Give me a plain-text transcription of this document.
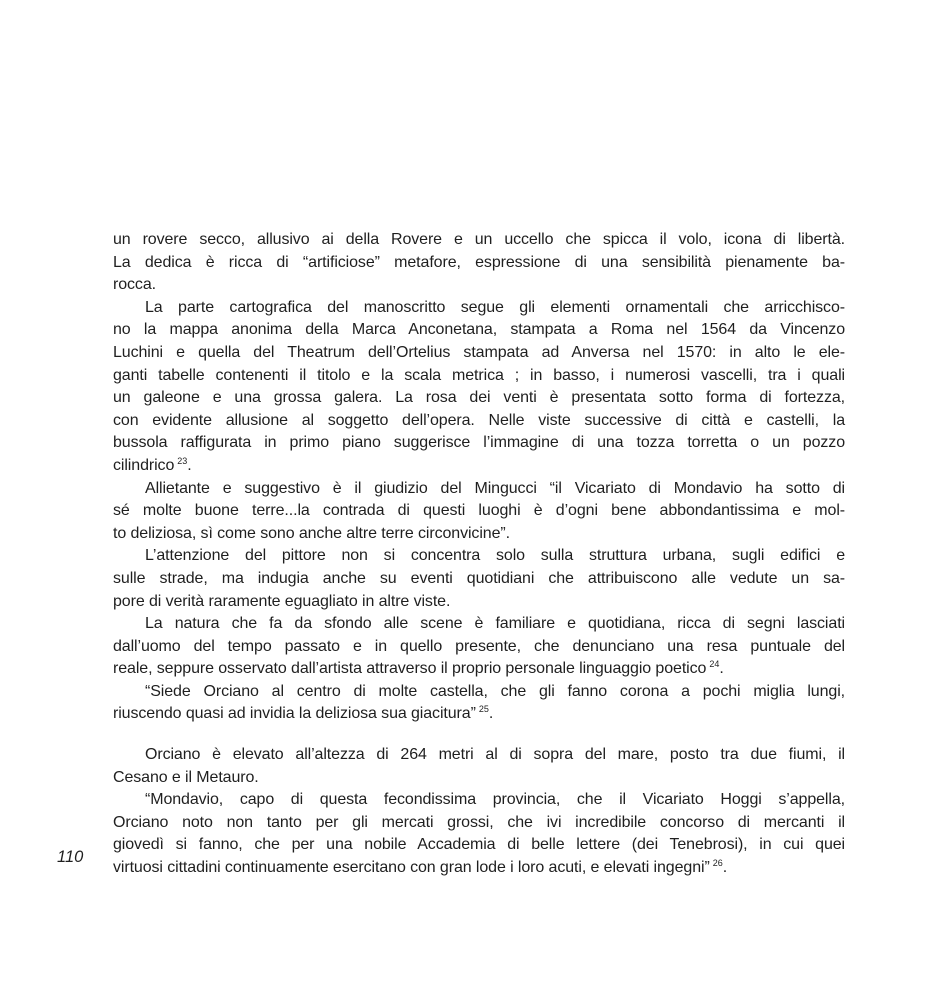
110
un rovere secco, allusivo ai della Rovere e un uccello che spicca il volo, icona di libertà.
La dedica è ricca di “artificiose” metafore, espressione di una sensibilità pienamente ba-
rocca.
La parte cartografica del manoscritto segue gli elementi ornamentali che arricchisco-
no la mappa anonima della Marca Anconetana, stampata a Roma nel 1564 da Vincenzo
Luchini e quella del Theatrum dell’Ortelius stampata ad Anversa nel 1570: in alto le ele-
ganti tabelle contenenti il titolo e la scala metrica ; in basso, i numerosi vascelli, tra i quali
un galeone e una grossa galera. La rosa dei venti è presentata sotto forma di fortezza,
con evidente allusione al soggetto dell’opera. Nelle viste successive di città e castelli, la
bussola raffigurata in primo piano suggerisce l’immagine di una tozza torretta o un pozzo
cilindrico $^{23}$.
Allietante e suggestivo è il giudizio del Mingucci “il Vicariato di Mondavio ha sotto di
sé molte buone terre...la contrada di questi luoghi è d’ogni bene abbondantissima e mol-
to deliziosa, sì come sono anche altre terre circonvicine”.
L’attenzione del pittore non si concentra solo sulla struttura urbana, sugli edifici e
sulle strade, ma indugia anche su eventi quotidiani che attribuiscono alle vedute un sa-
pore di verità raramente eguagliato in altre viste.
La natura che fa da sfondo alle scene è familiare e quotidiana, ricca di segni lasciati
dall’uomo del tempo passato e in quello presente, che denunciano una resa puntuale del
reale, seppure osservato dall’artista attraverso il proprio personale linguaggio poetico $^{24}$.
“Siede Orciano al centro di molte castella, che gli fanno corona a pochi miglia lungi,
riuscendo quasi ad invidia la deliziosa sua giacitura” $^{25}$.
Orciano è elevato all’altezza di 264 metri al di sopra del mare, posto tra due fiumi, il
Cesano e il Metauro.
“Mondavio, capo di questa fecondissima provincia, che il Vicariato Hoggi s’appella,
Orciano noto non tanto per gli mercati grossi, che ivi incredibile concorso di mercanti il
giovedì si fanno, che per una nobile Accademia di belle lettere (dei Tenebrosi), in cui quei
virtuosi cittadini continuamente esercitano con gran lode i loro acuti, e elevati ingegni” $^{26}$.
